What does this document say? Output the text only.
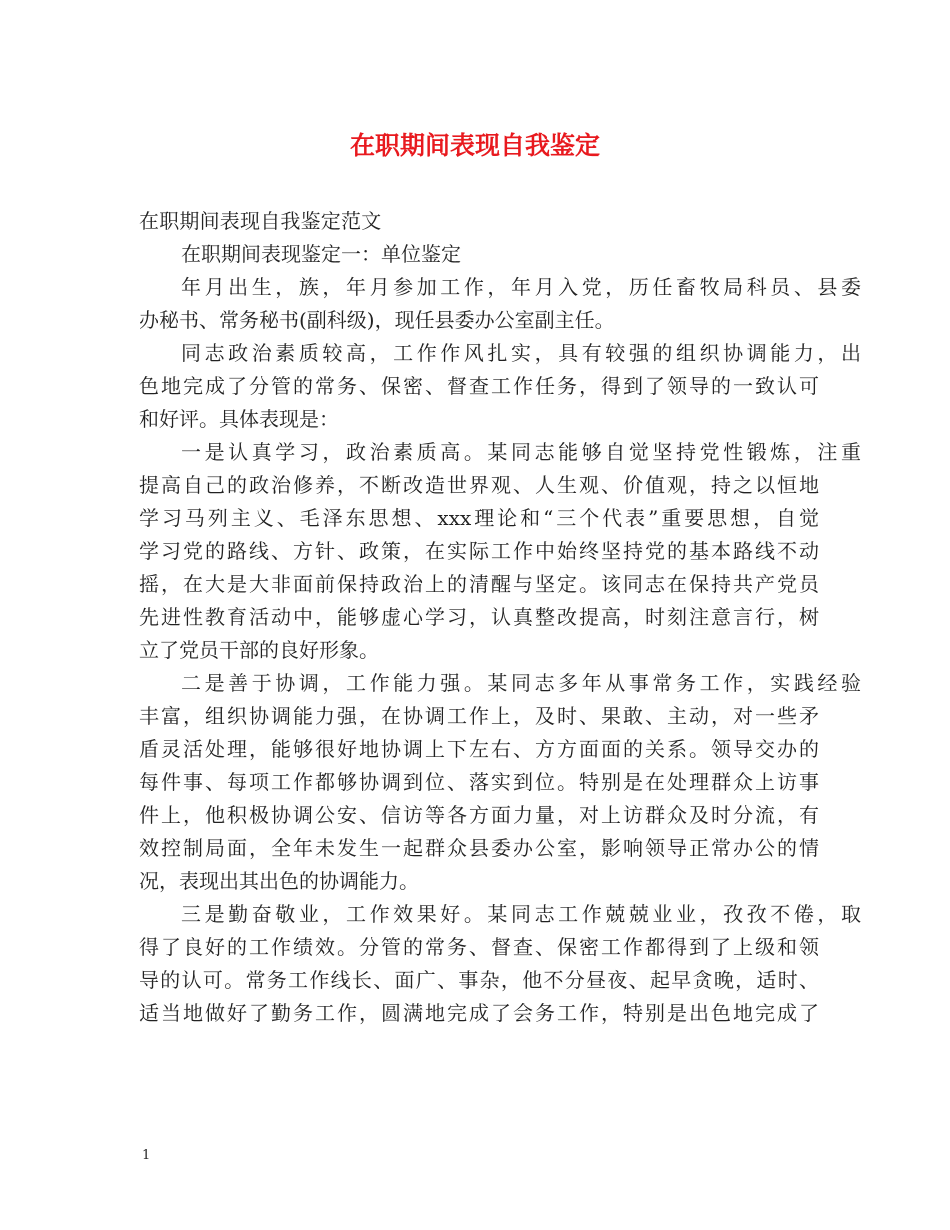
在职期间表现自我鉴定
在职期间表现自我鉴定范文
在职期间表现鉴定一：单位鉴定
年月出生，族，年月参加工作，年月入党，历任畜牧局科员、县委
办秘书、常务秘书(副科级)，现任县委办公室副主任。
同志政治素质较高，工作作风扎实，具有较强的组织协调能力，出
色地完成了分管的常务、保密、督查工作任务，得到了领导的一致认可
和好评。具体表现是：
一是认真学习，政治素质高。某同志能够自觉坚持党性锻炼，注重
提高自己的政治修养，不断改造世界观、人生观、价值观，持之以恒地
学习马列主义、毛泽东思想、xxx理论和“三个代表”重要思想，自觉
学习党的路线、方针、政策，在实际工作中始终坚持党的基本路线不动
摇，在大是大非面前保持政治上的清醒与坚定。该同志在保持共产党员
先进性教育活动中，能够虚心学习，认真整改提高，时刻注意言行，树
立了党员干部的良好形象。
二是善于协调，工作能力强。某同志多年从事常务工作，实践经验
丰富，组织协调能力强，在协调工作上，及时、果敢、主动，对一些矛
盾灵活处理，能够很好地协调上下左右、方方面面的关系。领导交办的
每件事、每项工作都够协调到位、落实到位。特别是在处理群众上访事
件上，他积极协调公安、信访等各方面力量，对上访群众及时分流，有
效控制局面，全年未发生一起群众县委办公室，影响领导正常办公的情
况，表现出其出色的协调能力。
三是勤奋敬业，工作效果好。某同志工作兢兢业业，孜孜不倦，取
得了良好的工作绩效。分管的常务、督查、保密工作都得到了上级和领
导的认可。常务工作线长、面广、事杂，他不分昼夜、起早贪晚，适时、
适当地做好了勤务工作，圆满地完成了会务工作，特别是出色地完成了
1
